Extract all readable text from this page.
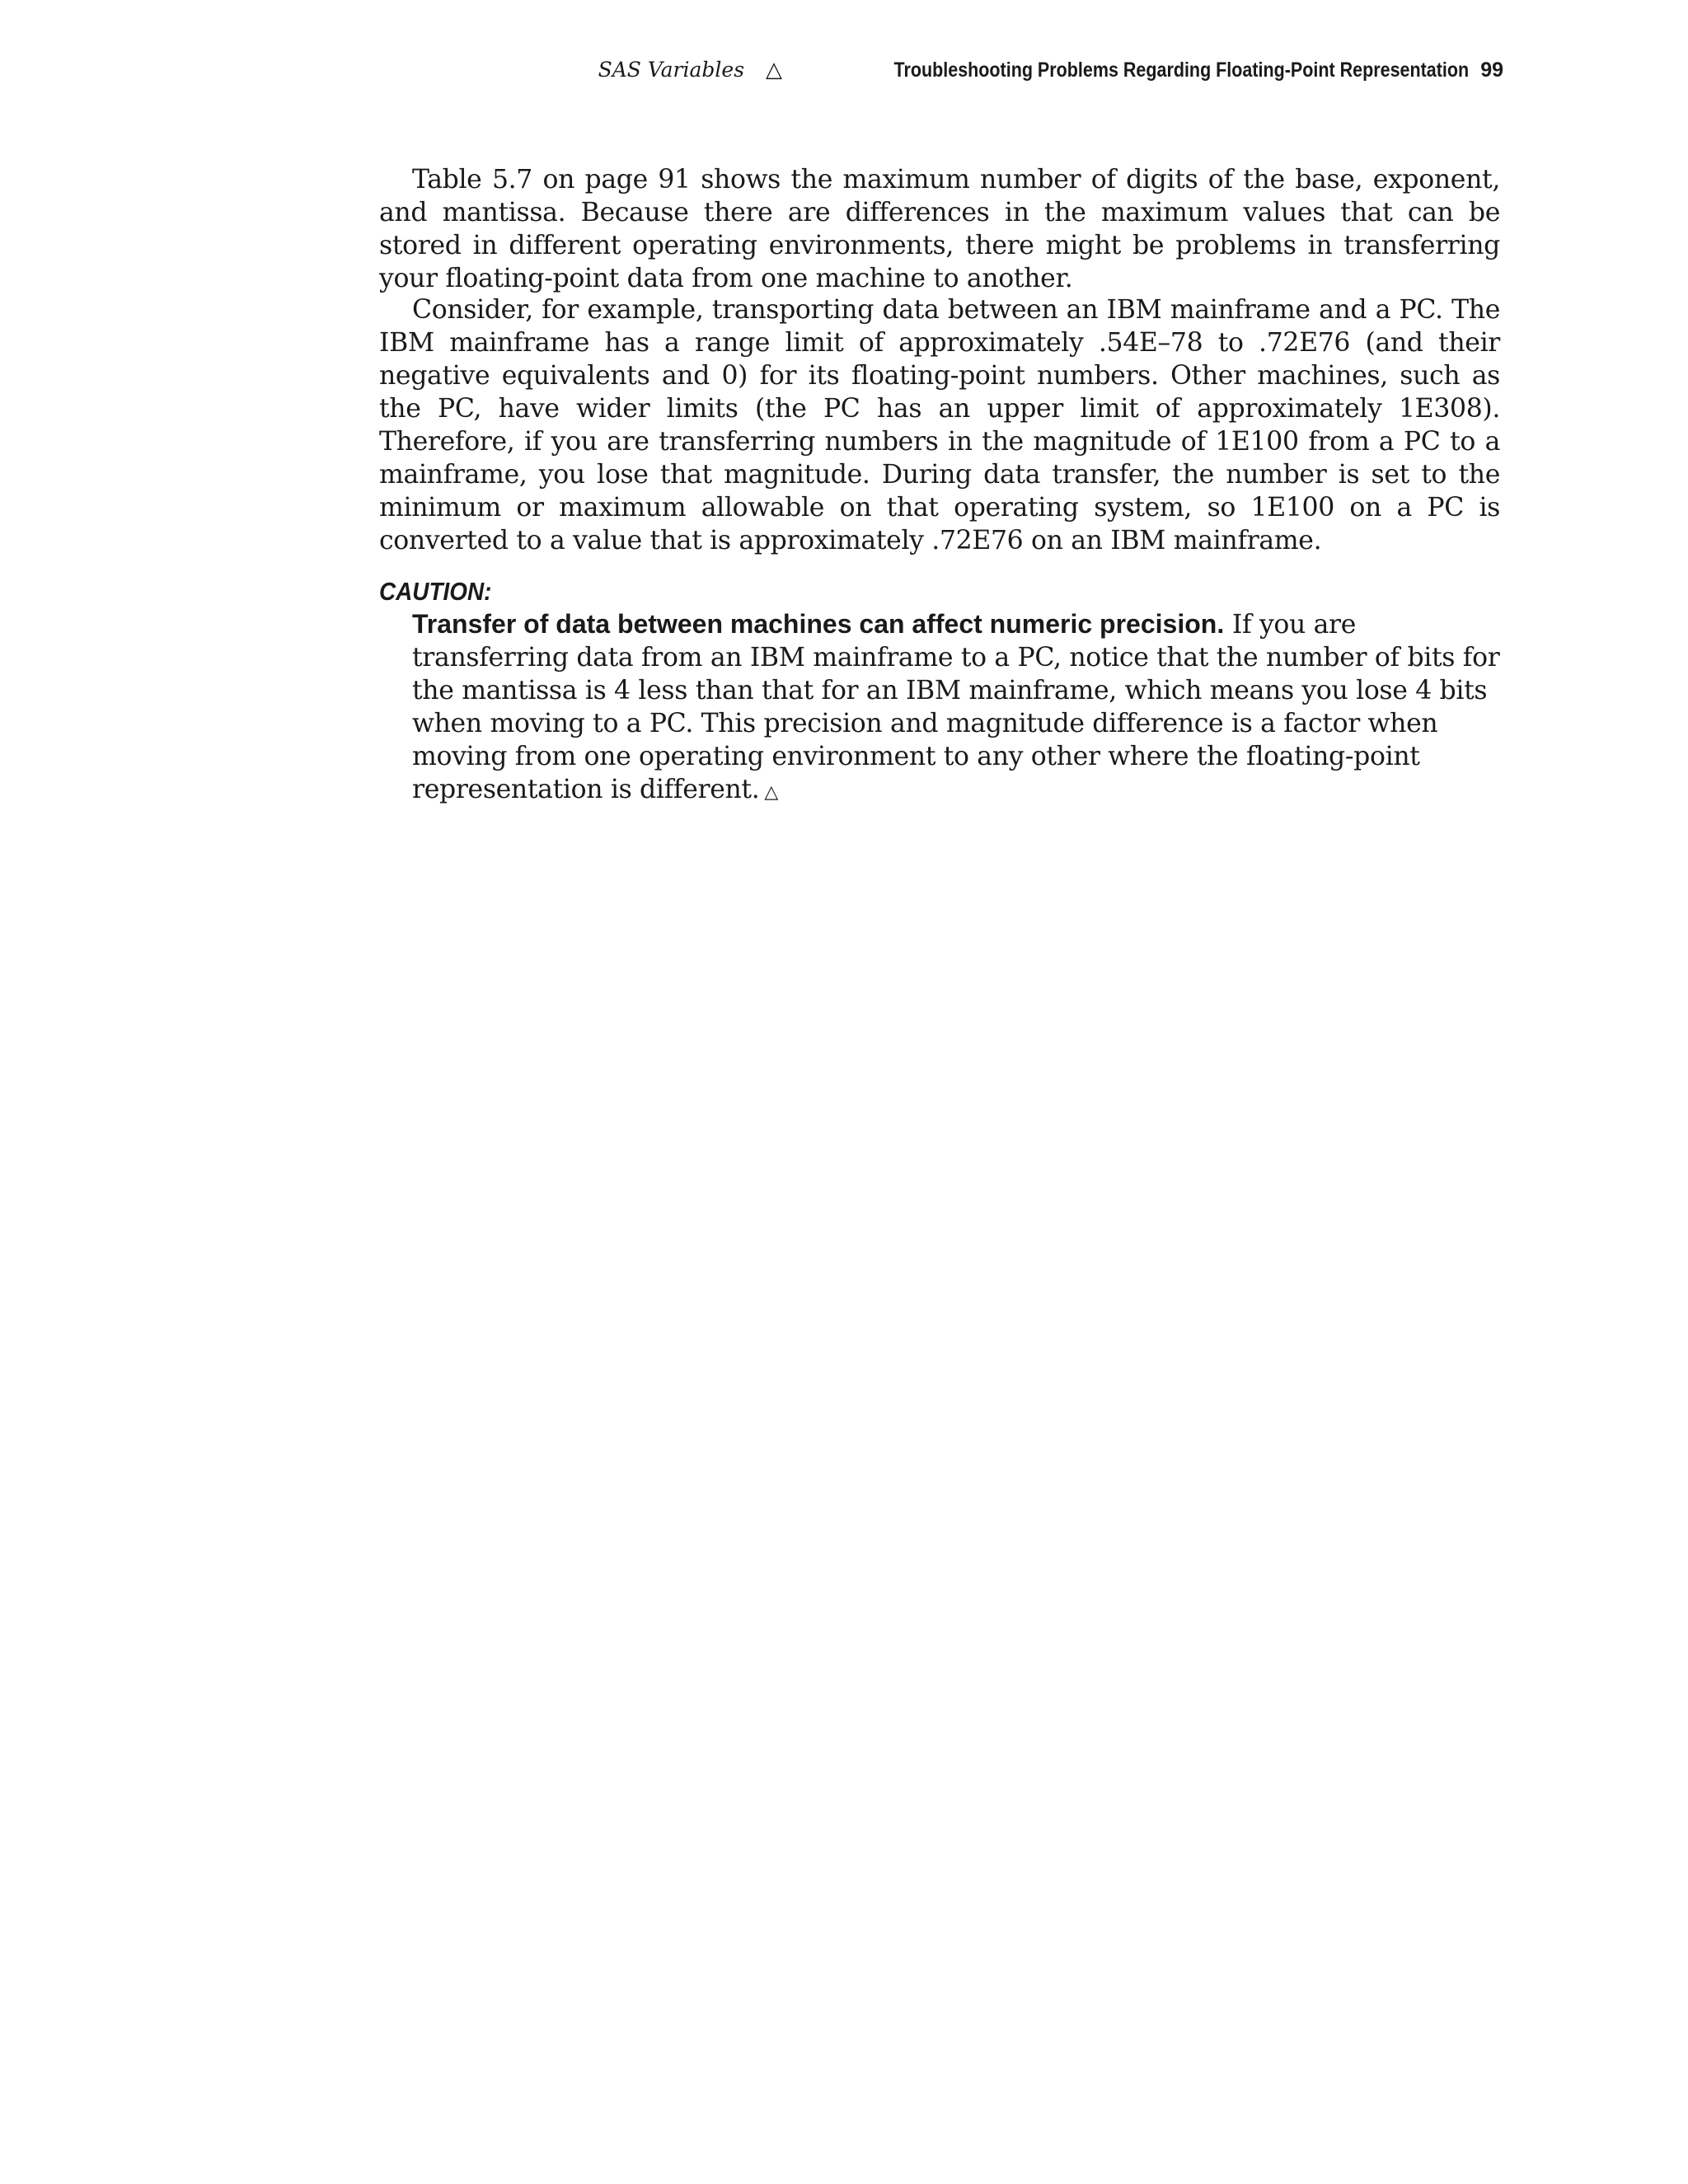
SAS Variables △	Troubleshooting Problems Regarding Floating-Point Representation 99

Table 5.7 on page 91 shows the maximum number of digits of the base, exponent, and mantissa. Because there are differences in the maximum values that can be stored in different operating environments, there might be problems in transferring your floating-point data from one machine to another.

Consider, for example, transporting data between an IBM mainframe and a PC. The IBM mainframe has a range limit of approximately .54E–78 to .72E76 (and their negative equivalents and 0) for its floating-point numbers. Other machines, such as the PC, have wider limits (the PC has an upper limit of approximately 1E308). Therefore, if you are transferring numbers in the magnitude of 1E100 from a PC to a mainframe, you lose that magnitude. During data transfer, the number is set to the minimum or maximum allowable on that operating system, so 1E100 on a PC is converted to a value that is approximately .72E76 on an IBM mainframe.

CAUTION:

Transfer of data between machines can affect numeric precision. If you are transferring data from an IBM mainframe to a PC, notice that the number of bits for the mantissa is 4 less than that for an IBM mainframe, which means you lose 4 bits when moving to a PC. This precision and magnitude difference is a factor when moving from one operating environment to any other where the floating-point representation is different. △
